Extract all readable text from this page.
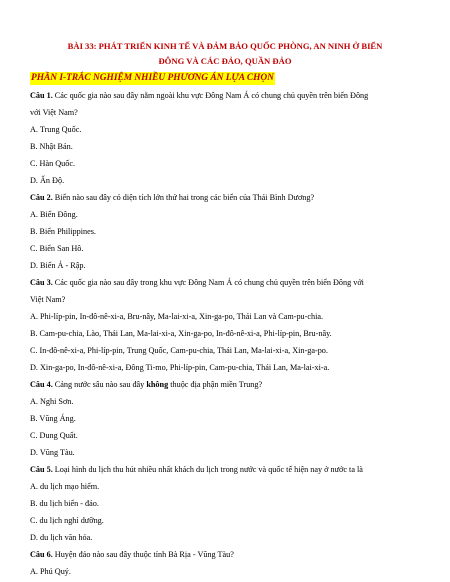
BÀI 33: PHÁT TRIỂN KINH TẾ VÀ ĐẢM BẢO QUỐC PHÒNG, AN NINH Ở BIỂN
ĐÔNG VÀ CÁC ĐẢO, QUẦN ĐẢO
PHẦN I-TRẮC NGHIỆM NHIỀU PHƯƠNG ÁN LỰA CHỌN
Câu 1. Các quốc gia nào sau đây nằm ngoài khu vực Đông Nam Á có chung chủ quyền trên biển Đông
với Việt Nam?
A. Trung Quốc.
B. Nhật Bản.
C. Hàn Quốc.
D. Ấn Độ.
Câu 2. Biển nào sau đây có diện tích lớn thứ hai trong các biển của Thái Bình Dương?
A. Biển Đông.
B. Biển Philippines.
C. Biển San Hô.
D. Biển Ả - Rập.
Câu 3. Các quốc gia nào sau đây trong khu vực Đông Nam Á có chung chủ quyền trên biển Đông với
Việt Nam?
A. Phi-líp-pin, In-đô-nê-xi-a, Bru-nây, Ma-lai-xi-a, Xin-ga-po, Thái Lan và Cam-pu-chia.
B. Cam-pu-chia, Lào, Thái Lan, Ma-lai-xi-a, Xin-ga-po, In-đô-nê-xi-a, Phi-líp-pin, Bru-nây.
C. In-đô-nê-xi-a, Phi-líp-pin, Trung Quốc, Cam-pu-chia, Thái Lan, Ma-lai-xi-a, Xin-ga-po.
D. Xin-ga-po, In-đô-nê-xi-a, Đông Ti-mo, Phi-líp-pin, Cam-pu-chia, Thái Lan, Ma-lai-xi-a.
Câu 4. Cảng nước sâu nào sau đây không thuộc địa phận miền Trung?
A. Nghi Sơn.
B. Vũng Áng.
C. Dung Quất.
D. Vũng Tàu.
Câu 5. Loại hình du lịch thu hút nhiều nhất khách du lịch trong nước và quốc tế hiện nay ở nước ta là
A. du lịch mạo hiểm.
B. du lịch biển - đảo.
C. du lịch nghỉ dưỡng.
D. du lịch văn hóa.
Câu 6. Huyện đảo nào sau đây thuộc tỉnh Bà Rịa - Vũng Tàu?
A. Phú Quý.
